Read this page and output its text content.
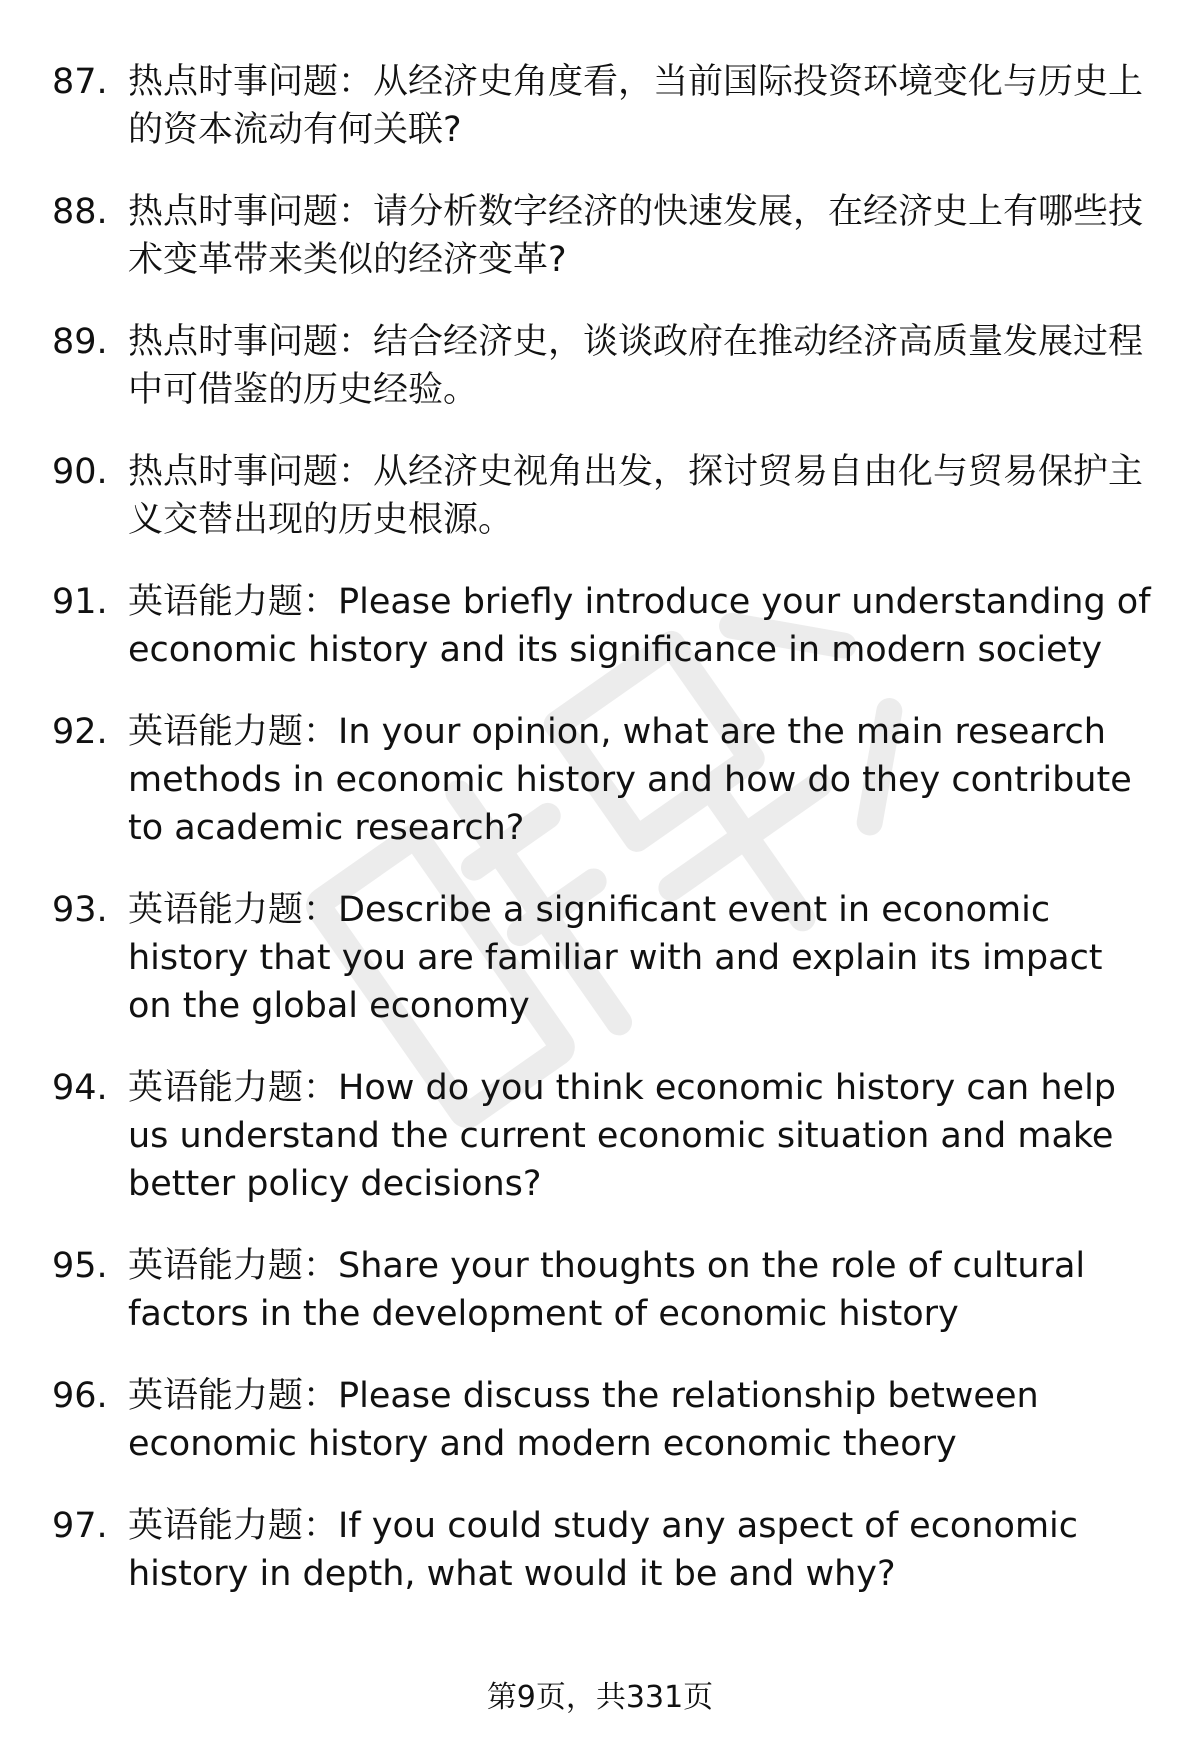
87. 热点时事问题：从经济史角度看，当前国际投资环境变化与历史上的资本流动有何关联?
88. 热点时事问题：请分析数字经济的快速发展，在经济史上有哪些技术变革带来类似的经济变革?
89. 热点时事问题：结合经济史，谈谈政府在推动经济高质量发展过程中可借鉴的历史经验。
90. 热点时事问题：从经济史视角出发，探讨贸易自由化与贸易保护主义交替出现的历史根源。
91. 英语能力题：Please briefly introduce your understanding of economic history and its significance in modern society
92. 英语能力题：In your opinion, what are the main research methods in economic history and how do they contribute to academic research?
93. 英语能力题：Describe a significant event in economic history that you are familiar with and explain its impact on the global economy
94. 英语能力题：How do you think economic history can help us understand the current economic situation and make better policy decisions?
95. 英语能力题：Share your thoughts on the role of cultural factors in the development of economic history
96. 英语能力题：Please discuss the relationship between economic history and modern economic theory
97. 英语能力题：If you could study any aspect of economic history in depth, what would it be and why?
第9页，共331页
